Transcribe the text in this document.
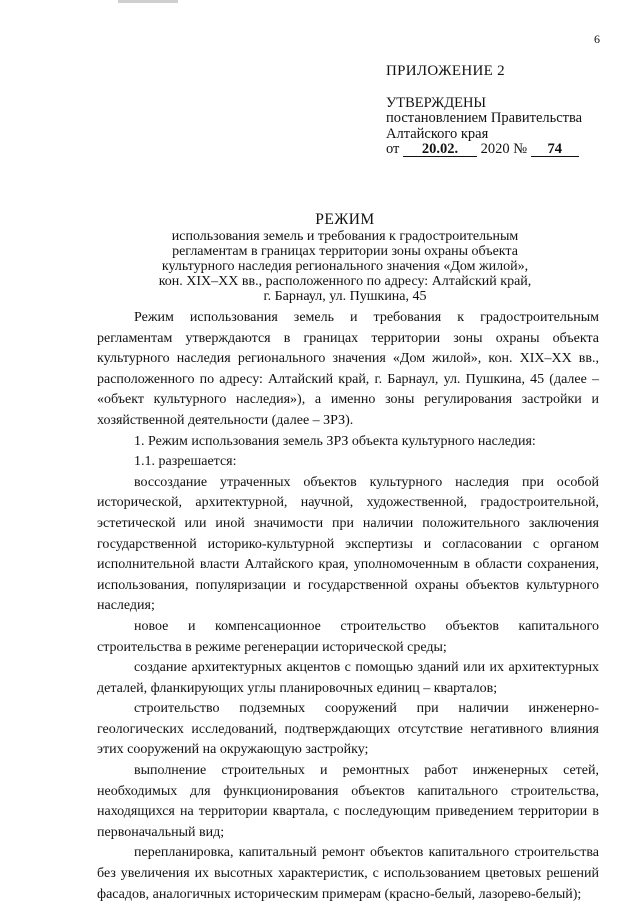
6
ПРИЛОЖЕНИЕ 2
УТВЕРЖДЕНЫ
постановлением Правительства
Алтайского края
от 20.02. 2020 № 74
РЕЖИМ
использования земель и требования к градостроительным
регламентам в границах территории зоны охраны объекта
культурного наследия регионального значения «Дом жилой»,
кон. XIX–XX вв., расположенного по адресу: Алтайский край,
г. Барнаул, ул. Пушкина, 45

Режим использования земель и требования к градостроительным регламентам утверждаются в границах территории зоны охраны объекта культурного наследия регионального значения «Дом жилой», кон. XIX–XX вв., расположенного по адресу: Алтайский край, г. Барнаул, ул. Пушкина, 45 (далее – «объект культурного наследия»), а именно зоны регулирования застройки и хозяйственной деятельности (далее – ЗРЗ).

1. Режим использования земель ЗРЗ объекта культурного наследия:

1.1. разрешается:

воссоздание утраченных объектов культурного наследия при особой исторической, архитектурной, научной, художественной, градостроительной, эстетической или иной значимости при наличии положительного заключения государственной историко-культурной экспертизы и согласовании с органом исполнительной власти Алтайского края, уполномоченным в области сохранения, использования, популяризации и государственной охраны объектов культурного наследия;

новое и компенсационное строительство объектов капитального строительства в режиме регенерации исторической среды;

создание архитектурных акцентов с помощью зданий или их архитектурных деталей, фланкирующих углы планировочных единиц – кварталов;

строительство подземных сооружений при наличии инженерно-геологических исследований, подтверждающих отсутствие негативного влияния этих сооружений на окружающую застройку;

выполнение строительных и ремонтных работ инженерных сетей, необходимых для функционирования объектов капитального строительства, находящихся на территории квартала, с последующим приведением территории в первоначальный вид;

перепланировка, капитальный ремонт объектов капитального строительства без увеличения их высотных характеристик, с использованием цветовых решений фасадов, аналогичных историческим примерам (красно-белый, лазорево-белый);
